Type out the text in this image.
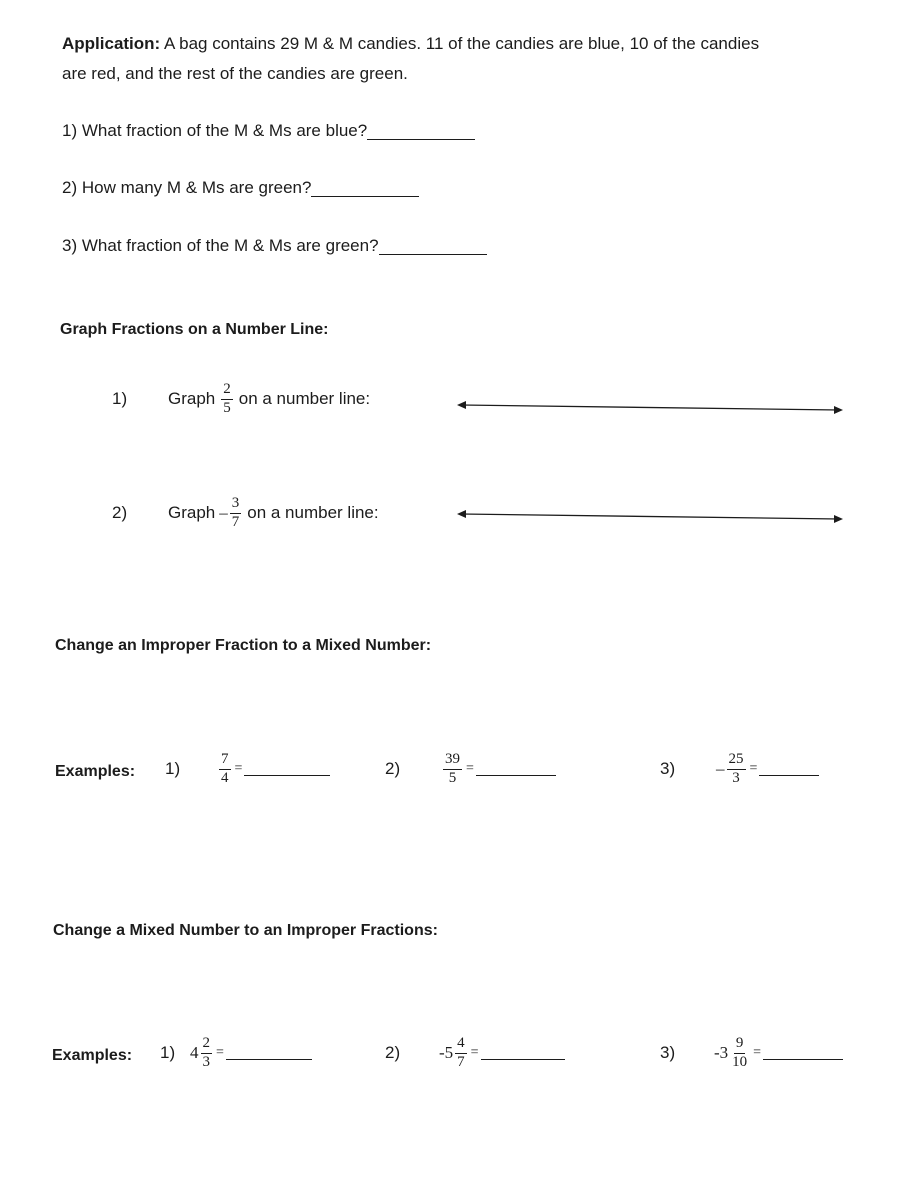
Application: A bag contains 29 M & M candies. 11 of the candies are blue, 10 of the candies
are red, and the rest of the candies are green.
1) What fraction of the M & Ms are blue?
2) How many M & Ms are green?
3) What fraction of the M & Ms are green?
Graph Fractions on a Number Line:
1)	Graph $\frac{2}{5}$ on a number line:
2)	Graph – $\frac{3}{7}$ on a number line:
Change an Improper Fraction to a Mixed Number:
Examples: 1)	$\frac{7}{4}$ =	2)	$\frac{39}{5}$ =	3)	– $\frac{25}{3}$ =
Change a Mixed Number to an Improper Fractions:
Examples: 1) $4 \frac{2}{3}$ =	2)	$-5 \frac{4}{7}$ =	3)	$-3 \frac{9}{10}$ =
